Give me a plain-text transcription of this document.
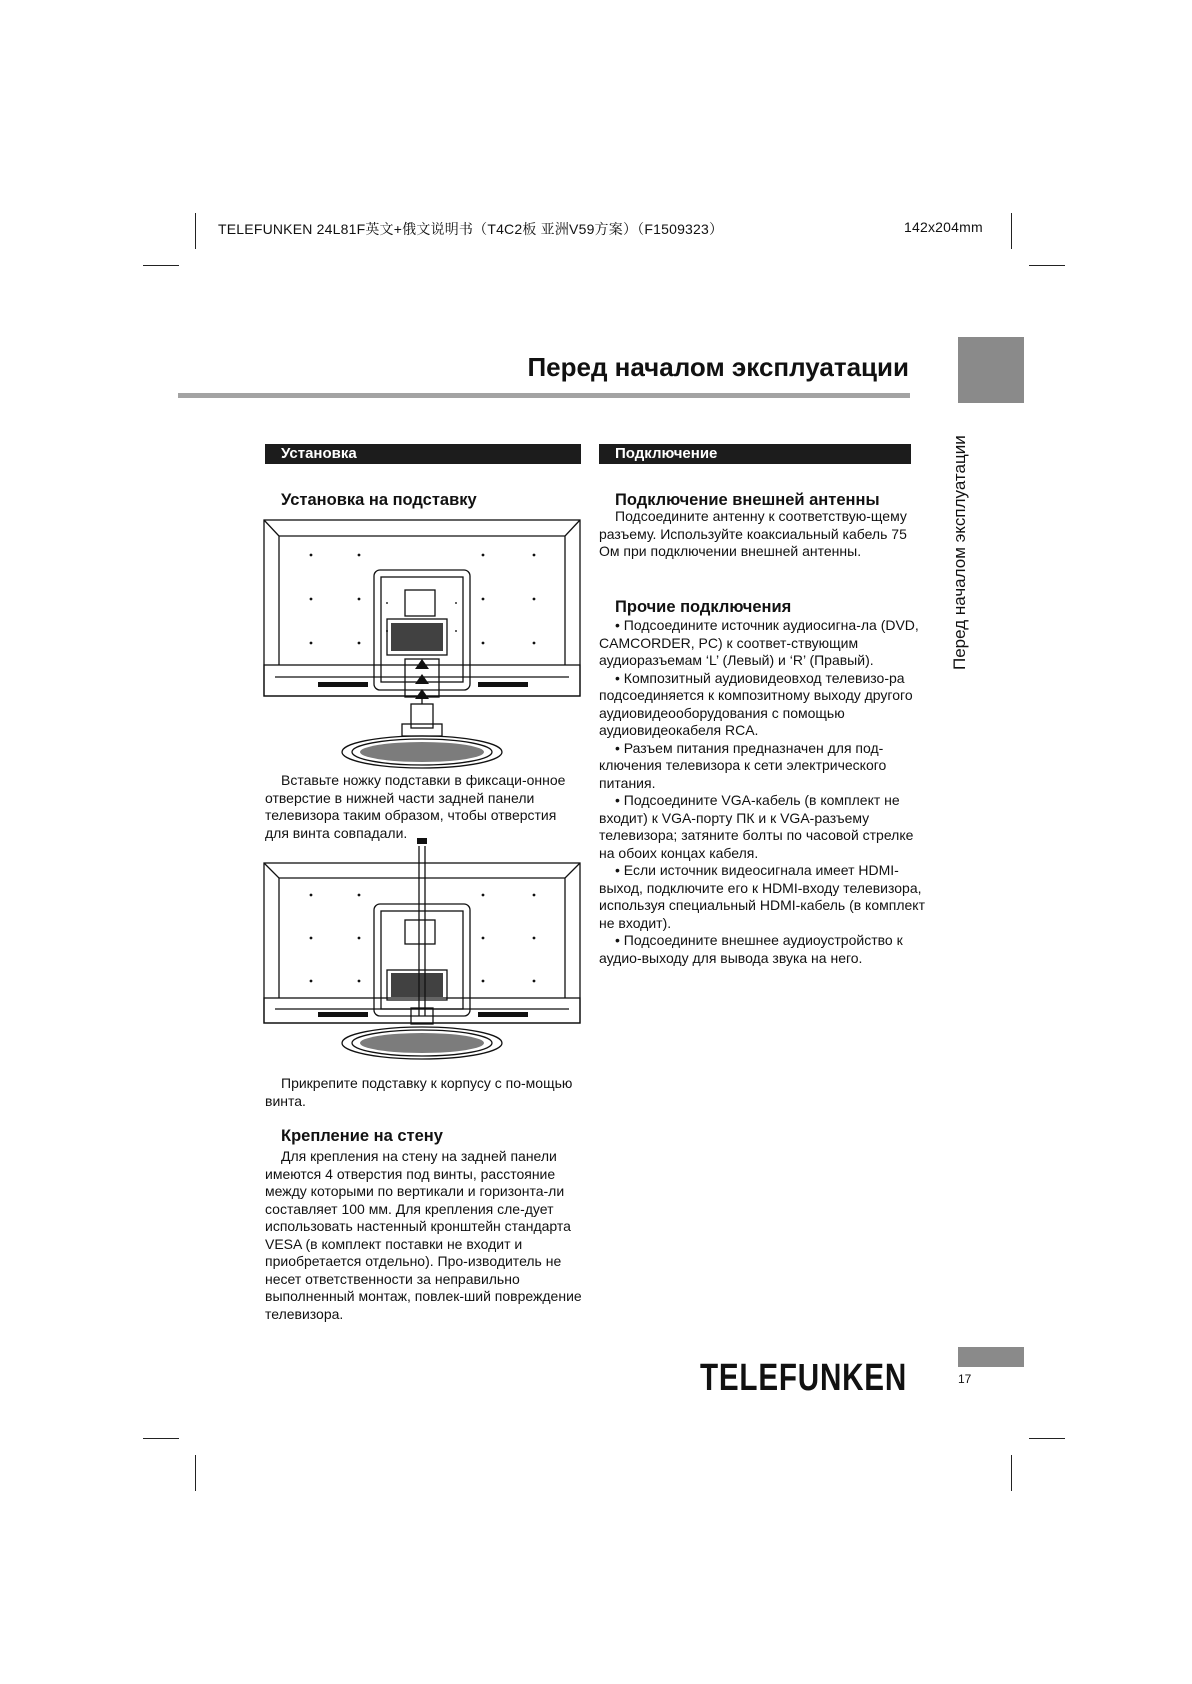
TELEFUNKEN 24L81F英文+俄文说明书（T4C2板 亚洲V59方案）（F1509323）	142x204mm
Перед началом эксплуатации
Перед началом эксплуатации
Установка
Установка на подставку

Вставьте ножку подставки в фиксаци-онное отверстие в нижней части задней панели телевизора таким образом, чтобы отверстия для винта совпадали.

Прикрепите подставку к корпусу с по-мощью винта.

Крепление на стену

Для крепления на стену на задней панели имеются 4 отверстия под винты, расстояние между которыми по вертикали и горизонта-ли составляет 100 мм. Для крепления сле-дует использовать настенный кронштейн стандарта VESA (в комплект поставки не входит и приобретается отдельно). Про-изводитель не несет ответственности за неправильно выполненный монтаж, повлек-ший повреждение телевизора.

Подключение
Подключение внешней антенны

Подсоедините антенну к соответствую-щему разъему. Используйте коаксиальный кабель 75 Ом при подключении внешней антенны.

Прочие подключения

• Подсоедините источник аудиосигна-ла (DVD, CAMCORDER, PC) к соответ-ствующим аудиоразъемам ‘L’ (Левый) и ‘R’ (Правый).

• Композитный аудиовидеовход телевизо-ра подсоединяется к композитному выходу другого аудиовидеооборудования с помощью аудиовидеокабеля RCA.

• Разъем питания предназначен для под-ключения телевизора к сети электрического питания.

• Подсоедините VGA-кабель (в комплект не входит) к VGA-порту ПК и к VGA-разъему телевизора; затяните болты по часовой стрелке на обоих концах кабеля.

• Если источник видеосигнала имеет HDMI-выход, подключите его к HDMI-входу телевизора, используя специальный HDMI-кабель (в комплект не входит).

• Подсоедините внешнее аудиоустройство к аудио-выходу для вывода звука на него.

TELEFUNKEN	17
